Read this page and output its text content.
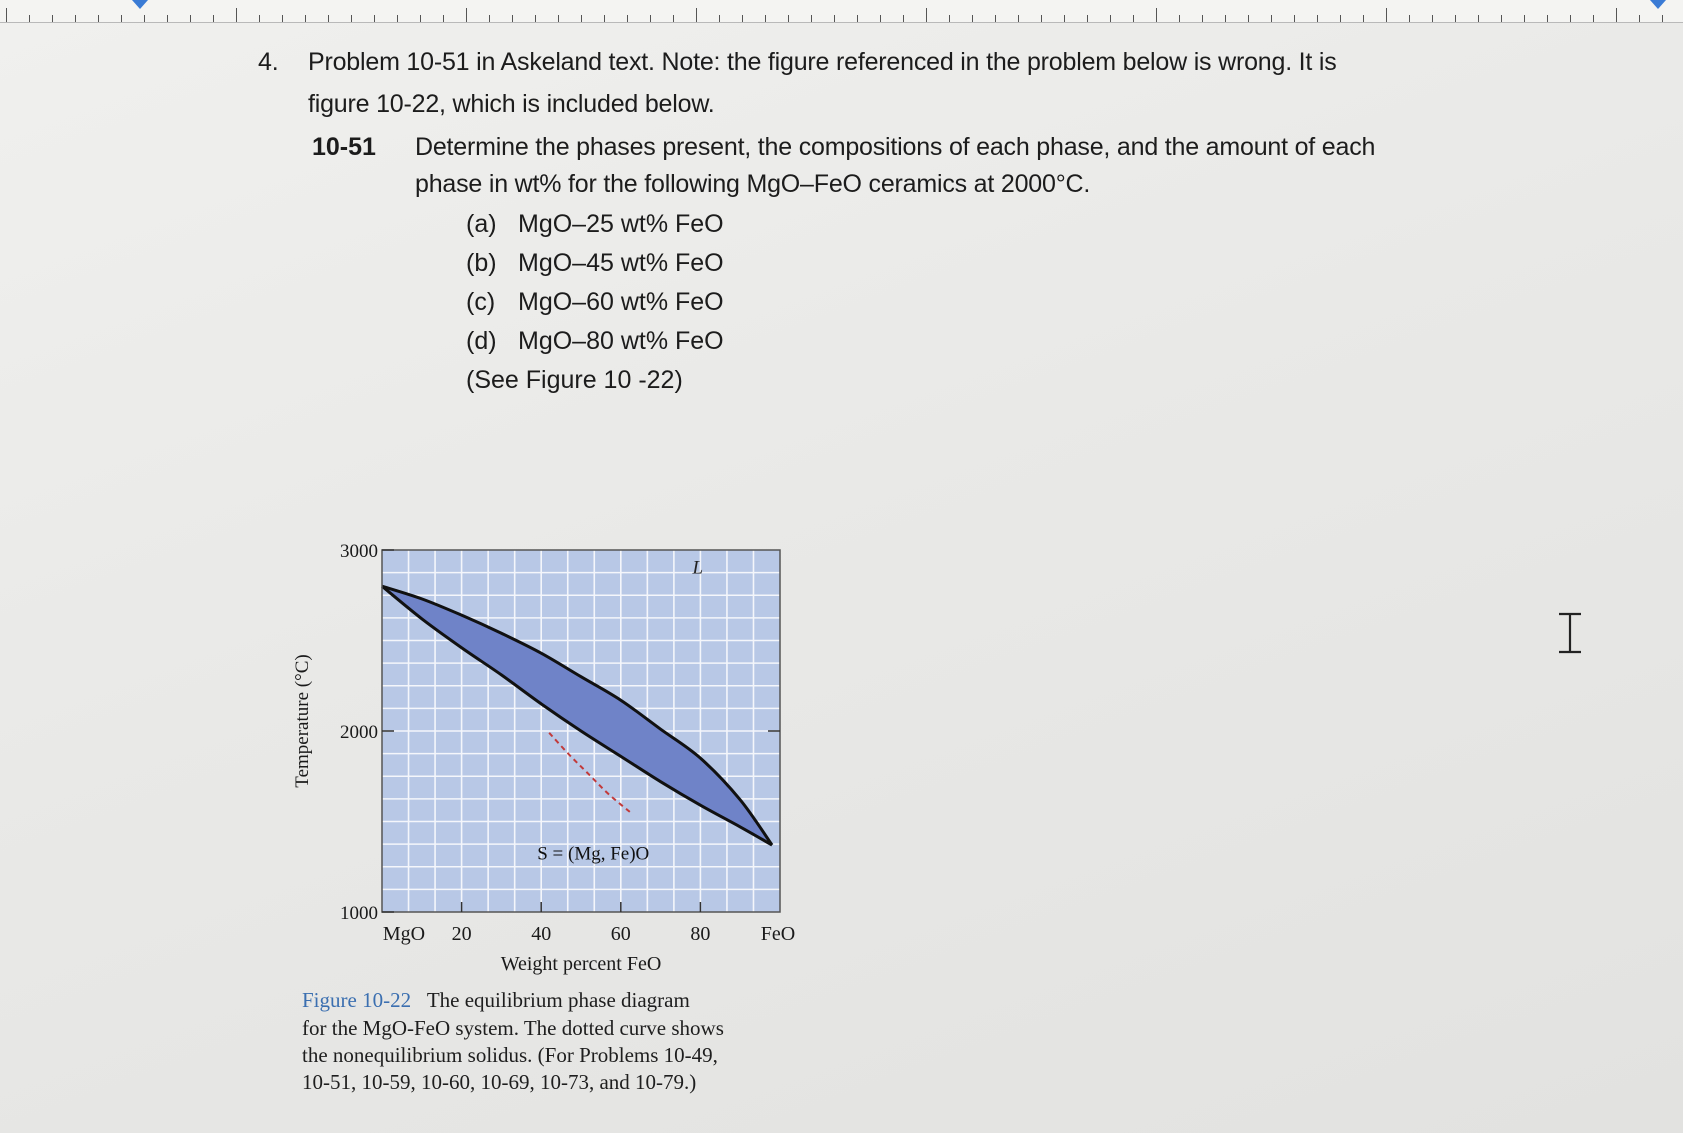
4. Problem 10-51 in Askeland text. Note: the figure referenced in the problem below is wrong. It is
figure 10-22, which is included below.
10-51 Determine the phases present, the compositions of each phase, and the amount of each
phase in wt% for the following MgO–FeO ceramics at 2000°C.
(a) MgO–25 wt% FeO
(b) MgO–45 wt% FeO
(c) MgO–60 wt% FeO
(d) MgO–80 wt% FeO
(See Figure 10 -22)
MgO 20	40	60	80	FeO
1000
2000
3000
Weight percent FeO
Temperature (°C)
L
S = (Mg, Fe)O
Figure 10-22 The equilibrium phase diagram
for the MgO-FeO system. The dotted curve shows
the nonequilibrium solidus. (For Problems 10-49,
10-51, 10-59, 10-60, 10-69, 10-73, and 10-79.)
